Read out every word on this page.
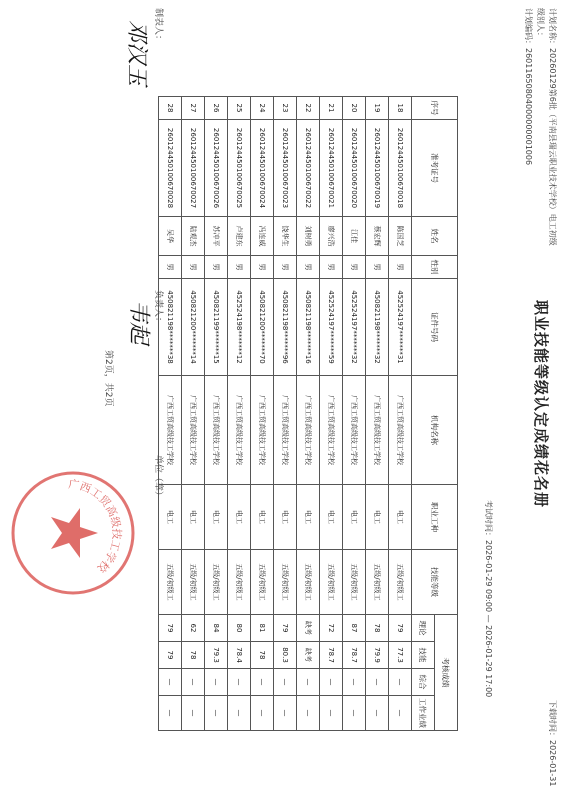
下载时间：2026-01-31
职业技能等级认定成绩花名册
计划名称：20260129第6批（平南县瑞云职业技术学校）电工初级
级别人：
计划编码：26011650804000000001006
考试时间：2026-01-29 09:00 — 2026-01-29 17:00
序号	准考证号	姓名	性别	证件号码	机构名称	职业工种	技能等级	考核成绩			
								理论	技能	综合	工作业绩
18	260124450100670018	陈国芝	男	452524197*******31	广西工贸高级技工学校	电工	五级/初级工	79	77.3	—	—
19	260124450100670019	蔡宏辉	男	450821198*******32	广西工贸高级技工学校	电工	五级/初级工	78	79.9	—	—
20	260124450100670020	江佳	男	452524197*******32	广西工贸高级技工学校	电工	五级/初级工	87	78.7	—	—
21	260124450100670021	廖兴浩	男	452524197*******59	广西工贸高级技工学校	电工	五级/初级工	72	78.7	—	—
22	260124450100670022	刘树勇	男	450821198*******16	广西工贸高级技工学校	电工	五级/初级工	缺考	缺考	—	—
23	260124450100670023	饶华生	男	450821198*******96	广西工贸高级技工学校	电工	五级/初级工	79	80.3	—	—
24	260124450100670024	冯连威	男	450821200*******70	广西工贸高级技工学校	电工	五级/初级工	81	78	—	—
25	260124450100670025	卢建东	男	452524198*******12	广西工贸高级技工学校	电工	五级/初级工	80	78.4	—	—
26	260124450100670026	苏冲平	男	450821199*******15	广西工贸高级技工学校	电工	五级/初级工	84	79.3	—	—
27	260124450100670027	陆观杰	男	450821200*******14	广西工贸高级技工学校	电工	五级/初级工	62	78	—	—
28	260124450100670028	吴华	男	450821198*******38	广西工贸高级技工学校	电工	五级/初级工	79	79	—	—
制表人：
邓汉玉
负责人：
韦起
单位（章）
第2页，共2页
广西工贸高级技工学校
